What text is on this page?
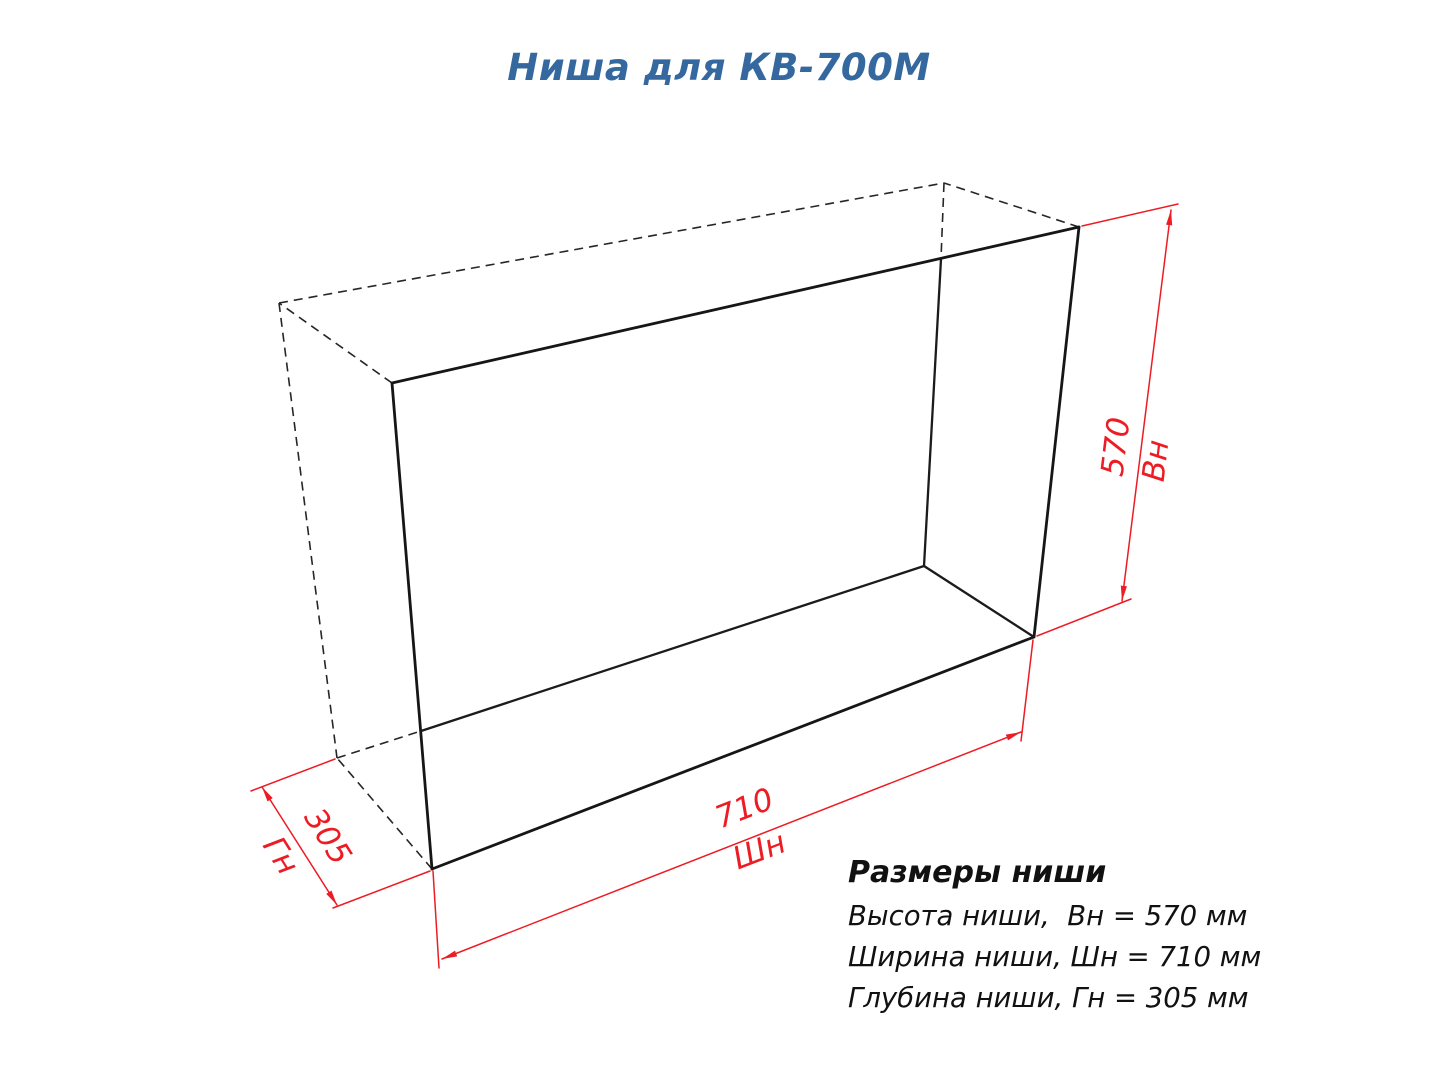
Ниша для КВ-700М
570
Вн
710
Шн
305
Гн	Размеры ниши
Высота ниши,  Вн = 570 мм
Ширина ниши, Шн = 710 мм
Глубина ниши, Гн = 305 мм
